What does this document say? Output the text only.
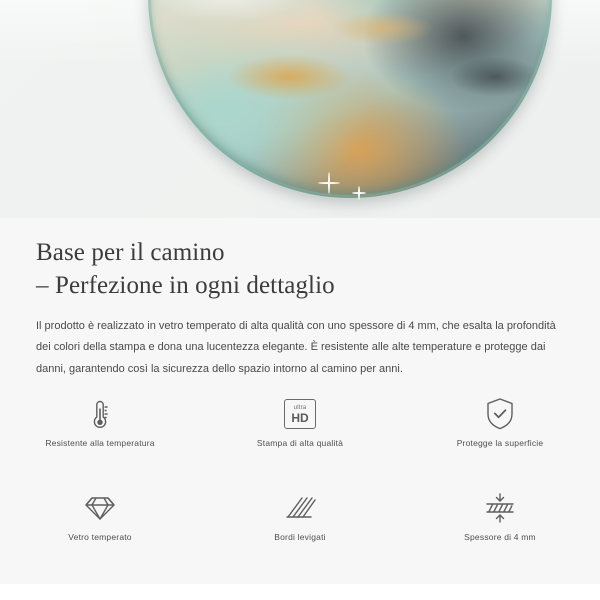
Base per il camino
– Perfezione in ogni dettaglio

Il prodotto è realizzato in vetro temperato di alta qualità con uno spessore di 4 mm, che esalta la profondità dei colori della stampa e dona una lucentezza elegante. È resistente alle alte temperature e protegge dai danni, garantendo così la sicurezza dello spazio intorno al camino per anni.

Resistente alla temperatura
ultra
HD
Stampa di alta qualità	Protegge la superficie
Vetro temperato	Bordi levigati	Spessore di 4 mm
